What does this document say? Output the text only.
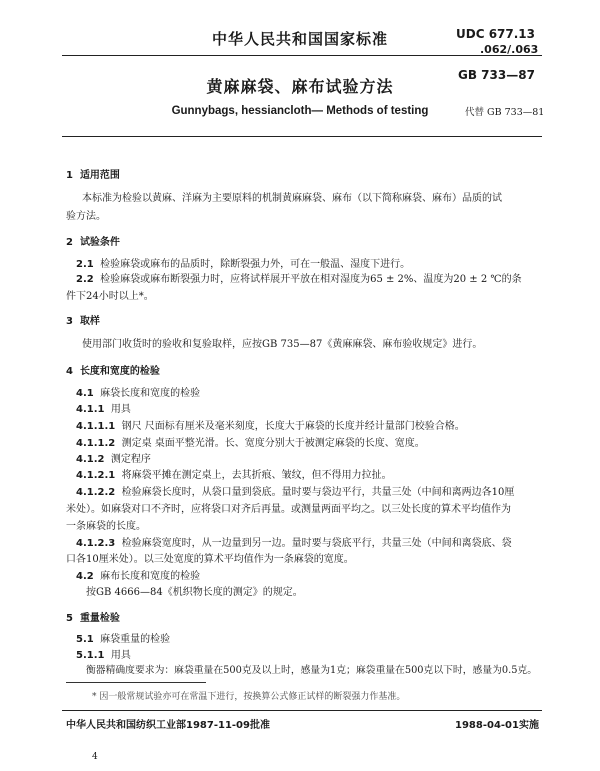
中华人民共和国国家标准	UDC 677.13
.062/.063
黄麻麻袋、麻布试验方法
GB 733—87
Gunnybags, hessiancloth— Methods of testing	代替 GB 733—81
1 适用范围
本标准为检验以黄麻、洋麻为主要原料的机制黄麻麻袋、麻布（以下简称麻袋、麻布）品质的试
验方法。
2 试验条件
2.1 检验麻袋或麻布的品质时，除断裂强力外，可在一般温、湿度下进行。
2.2 检验麻袋或麻布断裂强力时，应将试样展开平放在相对湿度为65 ± 2%、温度为20 ± 2 ℃的条
件下24小时以上*。
3 取样
使用部门收货时的验收和复验取样，应按GB 735—87《黄麻麻袋、麻布验收规定》进行。
4 长度和宽度的检验
4.1 麻袋长度和宽度的检验
4.1.1 用具
4.1.1.1 钢尺 尺面标有厘米及毫米刻度，长度大于麻袋的长度并经计量部门校验合格。
4.1.1.2 测定桌 桌面平整光滑。长、宽度分别大于被测定麻袋的长度、宽度。
4.1.2 测定程序
4.1.2.1 将麻袋平摊在测定桌上，去其折痕、皱纹，但不得用力拉扯。
4.1.2.2 检验麻袋长度时，从袋口量到袋底。量时要与袋边平行，共量三处（中间和离两边各10厘
米处）。如麻袋对口不齐时，应将袋口对齐后再量。或测量两面平均之。以三处长度的算术平均值作为
一条麻袋的长度。
4.1.2.3 检验麻袋宽度时，从一边量到另一边。量时要与袋底平行，共量三处（中间和离袋底、袋
口各10厘米处）。以三处宽度的算术平均值作为一条麻袋的宽度。
4.2 麻布长度和宽度的检验
按GB 4666—84《机织物长度的测定》的规定。
5 重量检验
5.1 麻袋重量的检验
5.1.1 用具
衡器精确度要求为：麻袋重量在500克及以上时，感量为1克；麻袋重量在500克以下时，感量为0.5克。
* 因一般常规试验亦可在常温下进行，按换算公式修正试样的断裂强力作基准。
中华人民共和国纺织工业部1987-11-09批准	1988-04-01实施
4
